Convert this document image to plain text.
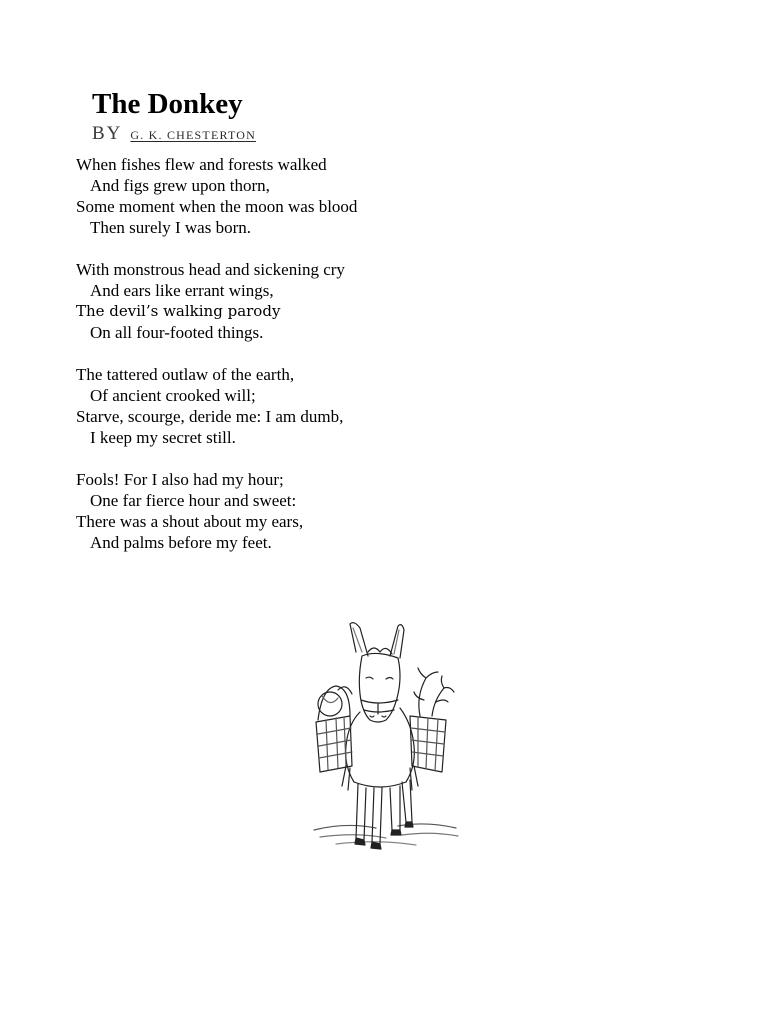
The Donkey
BY G. K. CHESTERTON
When fishes flew and forests walked
And figs grew upon thorn,
Some moment when the moon was blood
Then surely I was born.
With monstrous head and sickening cry
And ears like errant wings,
The devil’s walking parody
On all four-footed things.
The tattered outlaw of the earth,
Of ancient crooked will;
Starve, scourge, deride me: I am dumb,
I keep my secret still.
Fools! For I also had my hour;
One far fierce hour and sweet:
There was a shout about my ears,
And palms before my feet.
